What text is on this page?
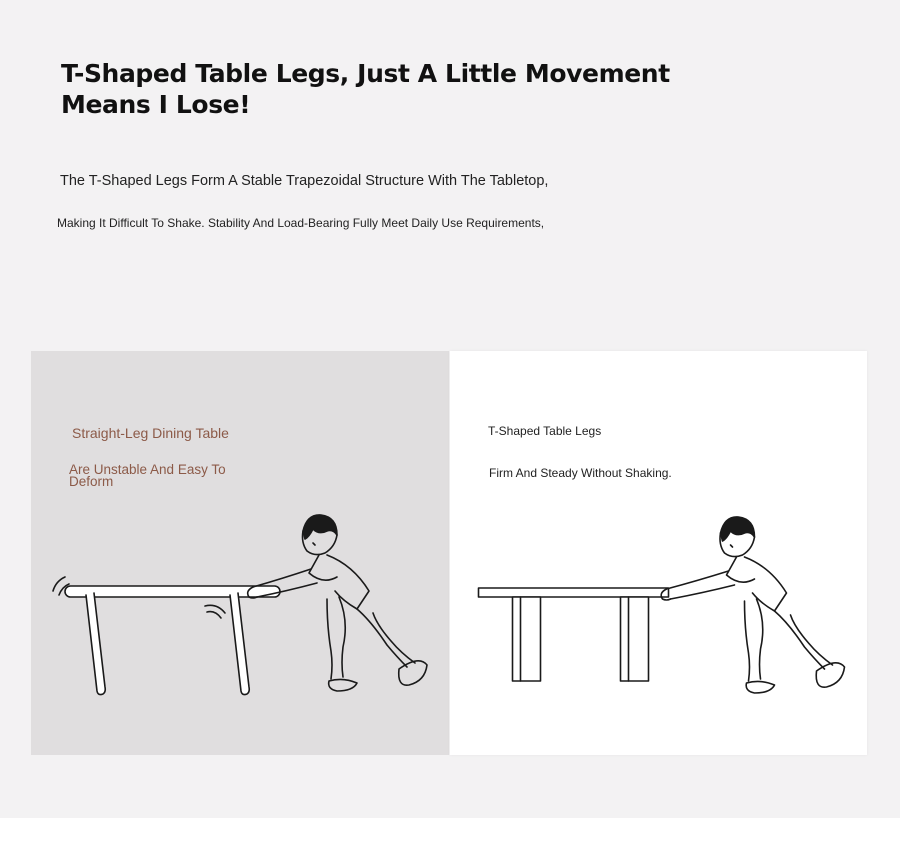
T-Shaped Table Legs, Just A Little Movement Means I Lose!

The T-Shaped Legs Form A Stable Trapezoidal Structure With The Tabletop,

Making It Difficult To Shake. Stability And Load-Bearing Fully Meet Daily Use Requirements,

Straight-Leg Dining Table

Are Unstable And Easy To Deform

T-Shaped Table Legs

Firm And Steady Without Shaking.
